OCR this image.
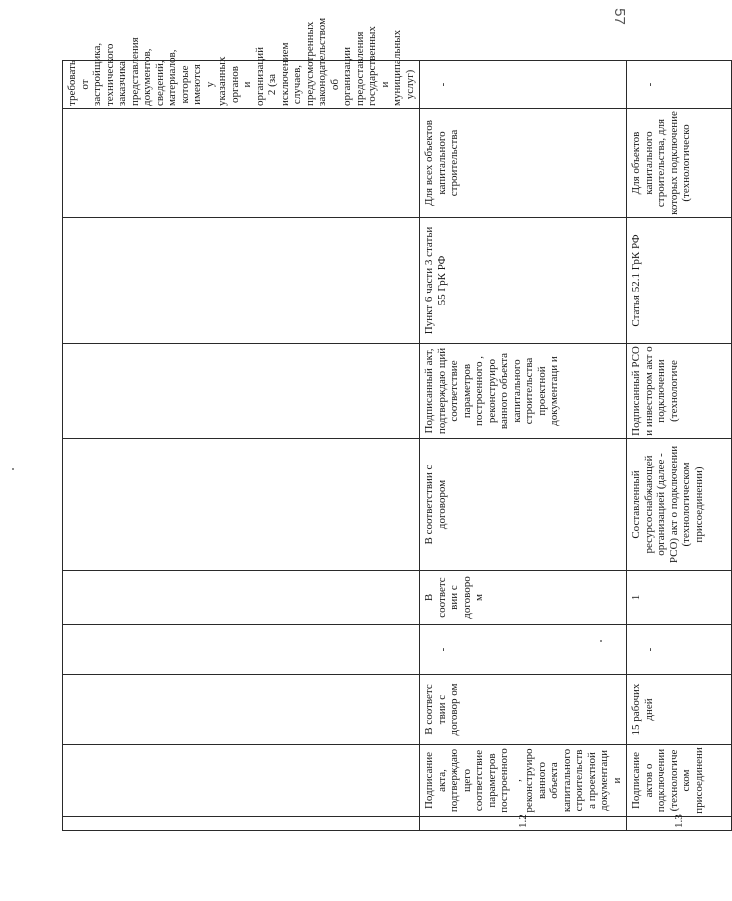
57
									требовать от застройщика, технического заказчика представления документов, сведений, материалов, которые имеются у указанных органов и организаций 2 (за исключением случаев, предусмотренных законодательством об организации предоставления государственных и муниципальных услуг)
1.2	Подписание акта, подтверждаю щего соответствие параметров построенного , реконструиро ванного объекта капитального строительств а проектной документаци и	В соответс твии с договор ом	-	В соответс вии с договоро м	В соответствии с договором	Подписанный акт, подтверждаю щий соответствие параметров построенного , реконструиро ванного объекта капитального строительства проектной документаци и	Пункт 6 части 3 статьи 55 ГрК РФ	Для всех объектов капитального строительства	-
1.3	Подписание актов о подключении (технологиче ском присоединени	15 рабочих дней	-	1	Составленный ресурсоснабжающей организацией (далее - РСО) акт о подключении (технологическом присоединении)	Подписанный РСО и инвестором акт о подключении (технологиче	Статья 52.1 ГрК РФ	Для объектов капитального строительства, для которых подключение (технологическо	-
